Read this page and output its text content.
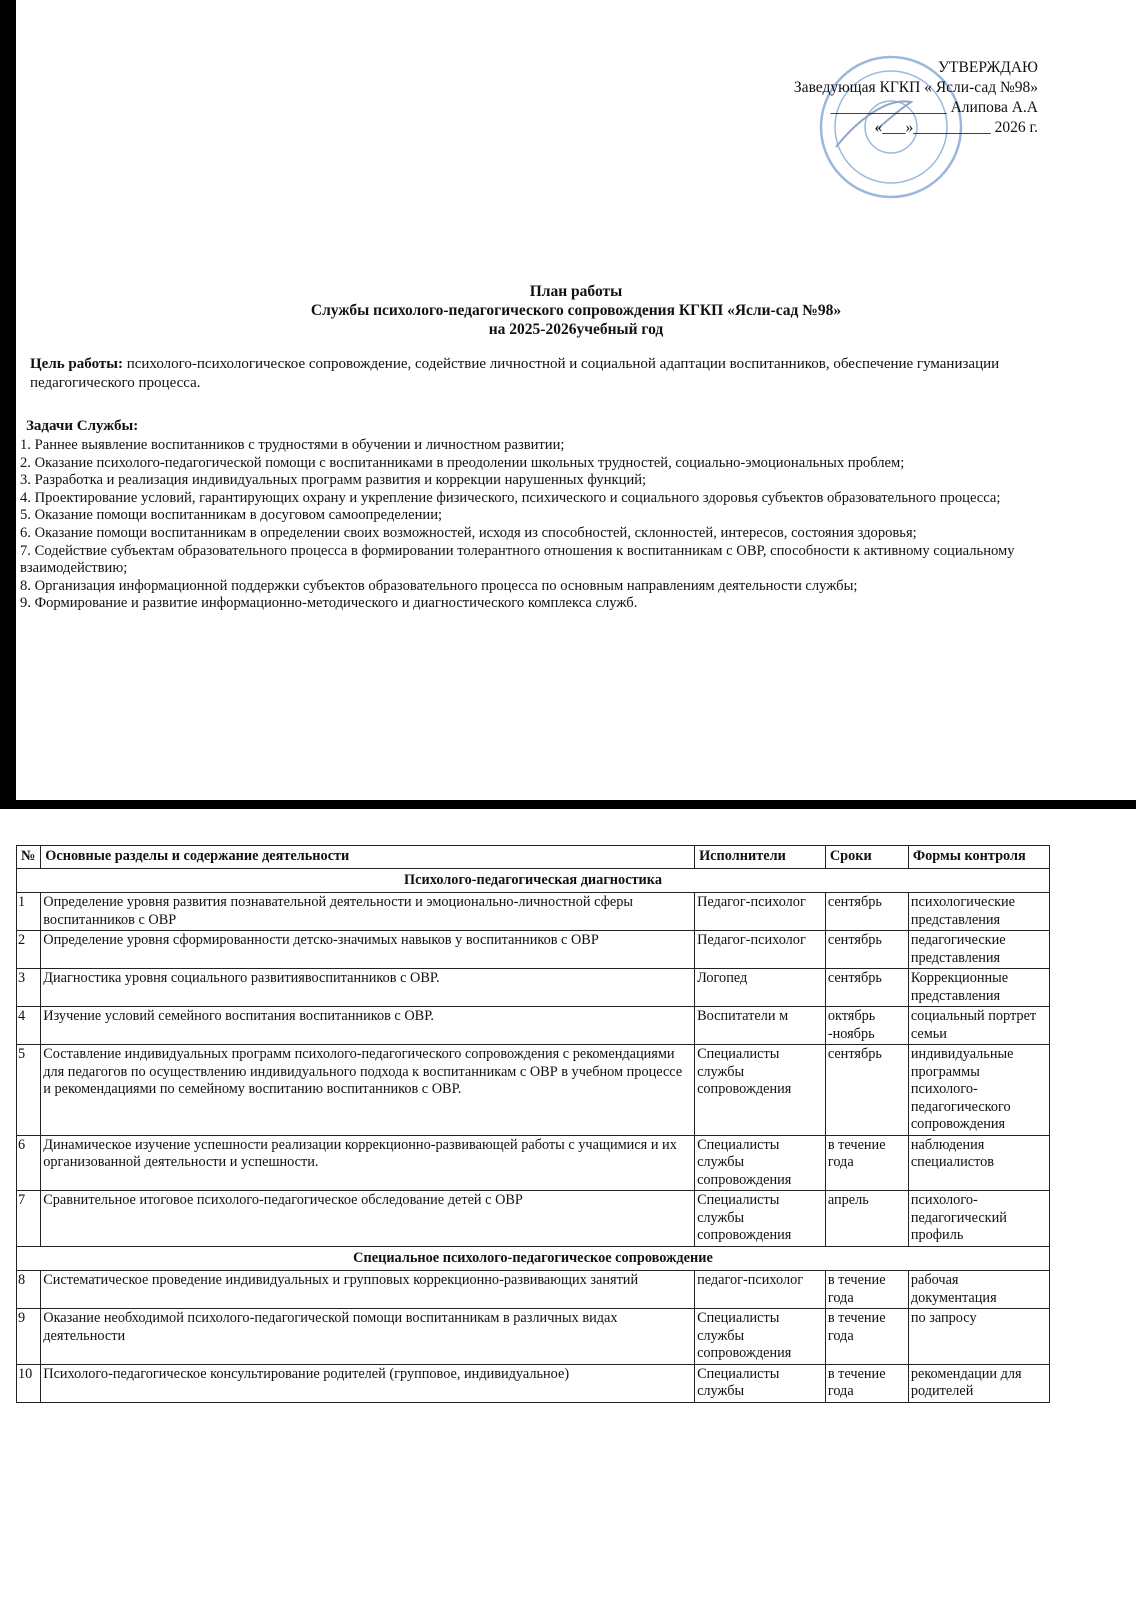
УТВЕРЖДАЮ
Заведующая КГКП « Ясли-сад №98»
_______________ Алипова А.А
«___»__________ 2026 г.
План работы
Службы психолого-педагогического сопровождения КГКП «Ясли-сад №98»
на 2025-2026учебный год
Цель работы: психолого-психологическое сопровождение, содействие личностной и социальной адаптации воспитанников, обеспечение гуманизации педагогического процесса.
Задачи Службы:
1. Раннее выявление воспитанников с трудностями в обучении и личностном развитии;
2. Оказание психолого-педагогической помощи с воспитанниками в преодолении школьных трудностей, социально-эмоциональных проблем;
3. Разработка и реализация индивидуальных программ развития и коррекции нарушенных функций;
4. Проектирование условий, гарантирующих охрану и укрепление физического, психического и социального здоровья субъектов образовательного процесса;
5. Оказание помощи воспитанникам в досуговом самоопределении;
6. Оказание помощи воспитанникам в определении своих возможностей, исходя из способностей, склонностей, интересов, состояния здоровья;
7. Содействие субъектам образовательного процесса в формировании толерантного отношения к воспитанникам с ОВР, способности к активному социальному взаимодействию;
8. Организация информационной поддержки субъектов образовательного процесса по основным направлениям деятельности службы;
9. Формирование и развитие информационно-методического и диагностического комплекса служб.
№	Основные разделы и содержание деятельности	Исполнители	Сроки	Формы контроля
Психолого-педагогическая диагностика				
1	Определение уровня развития познавательной деятельности и эмоционально-личностной сферы воспитанников с ОВР	Педагог-психолог	сентябрь	психологические представления
2	Определение уровня сформированности детско-значимых навыков у воспитанников с ОВР	Педагог-психолог	сентябрь	педагогические представления
3	Диагностика уровня социального развитиявоспитанников с ОВР.	Логопед	сентябрь	Коррекционные представления
4	Изучение условий семейного воспитания воспитанников с ОВР.	Воспитатели м	октябрь -ноябрь	социальный портрет семьи
5	Составление индивидуальных программ психолого-педагогического сопровождения с рекомендациями для педагогов по осуществлению индивидуального подхода к воспитанникам с ОВР в учебном процессе и рекомендациями по семейному воспитанию воспитанников с ОВР.	Специалисты службы сопровождения	сентябрь	индивидуальные программы психолого-педагогического сопровождения
6	Динамическое изучение успешности реализации коррекционно-развивающей работы с учащимися и их организованной деятельности и успешности.	Специалисты службы сопровождения	в течение года	наблюдения специалистов
7	Сравнительное итоговое психолого-педагогическое обследование детей с ОВР	Специалисты службы сопровождения	апрель	психолого-педагогический профиль
Специальное психолого-педагогическое сопровождение				
8	Систематическое проведение индивидуальных и групповых коррекционно-развивающих занятий	педагог-психолог	в течение года	рабочая документация
9	Оказание необходимой психолого-педагогической помощи воспитанникам в различных видах деятельности	Специалисты службы сопровождения	в течение года	по запросу
10	Психолого-педагогическое консультирование родителей (групповое, индивидуальное)	Специалисты службы	в течение года	рекомендации для родителей
